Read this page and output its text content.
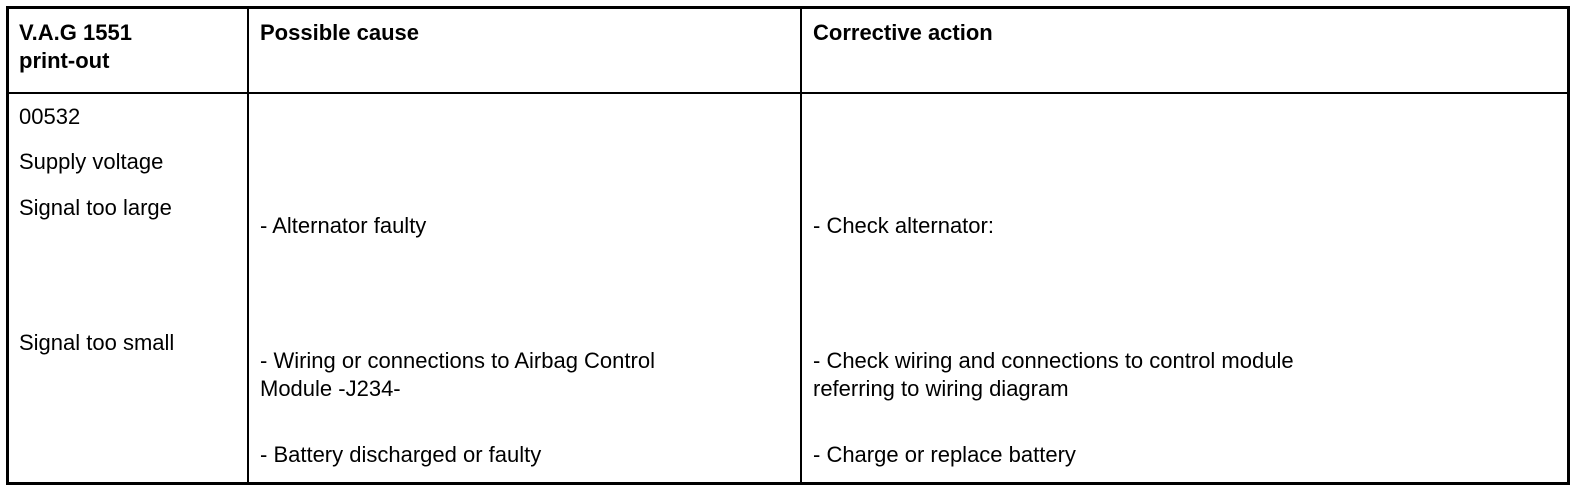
V.A.G 1551
print-out
Possible cause	Corrective action
00532
Supply voltage
Signal too large
Signal too small
- Alternator faulty
- Wiring or connections to Airbag Control
Module -J234-
- Battery discharged or faulty
- Check alternator:
- Check wiring and connections to control module
referring to wiring diagram
- Charge or replace battery
